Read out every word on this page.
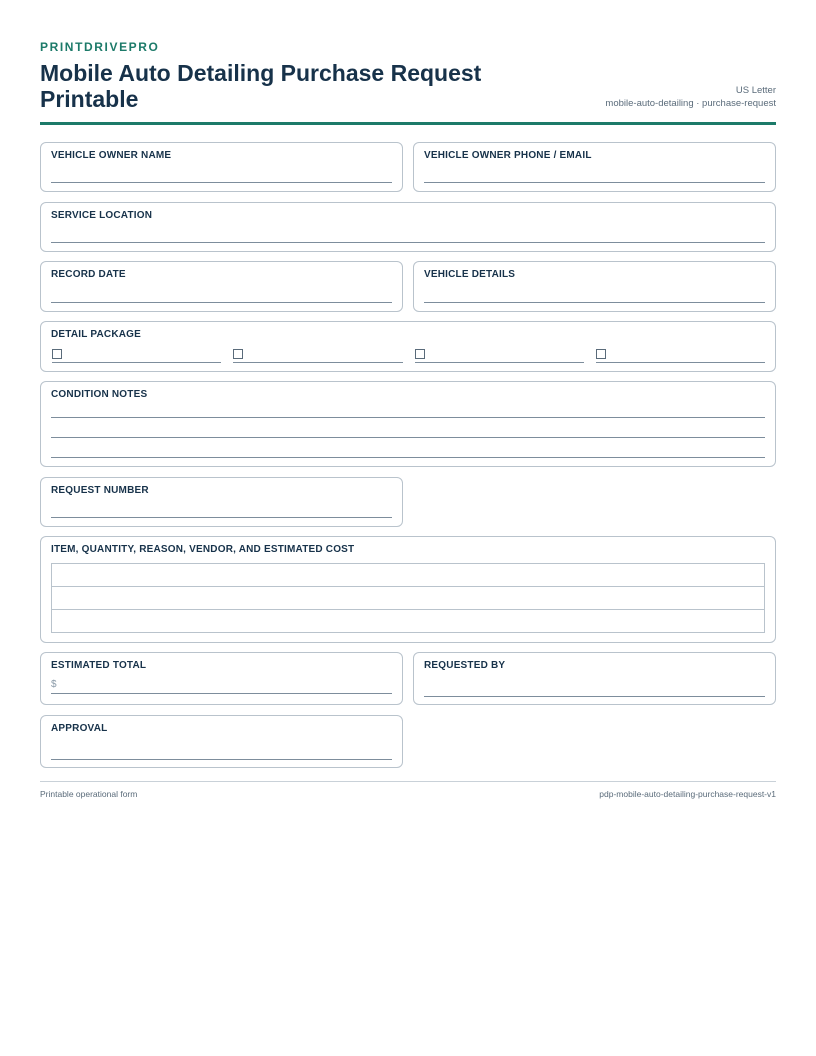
PRINTDRIVEPRO
Mobile Auto Detailing Purchase Request Printable	US Letter
mobile-auto-detailing · purchase-request
VEHICLE OWNER NAME	VEHICLE OWNER PHONE / EMAIL
SERVICE LOCATION
RECORD DATE	VEHICLE DETAILS
DETAIL PACKAGE
CONDITION NOTES
REQUEST NUMBER
ITEM, QUANTITY, REASON, VENDOR, AND ESTIMATED COST

ESTIMATED TOTAL
$
REQUESTED BY
APPROVAL
Printable operational form	pdp-mobile-auto-detailing-purchase-request-v1
